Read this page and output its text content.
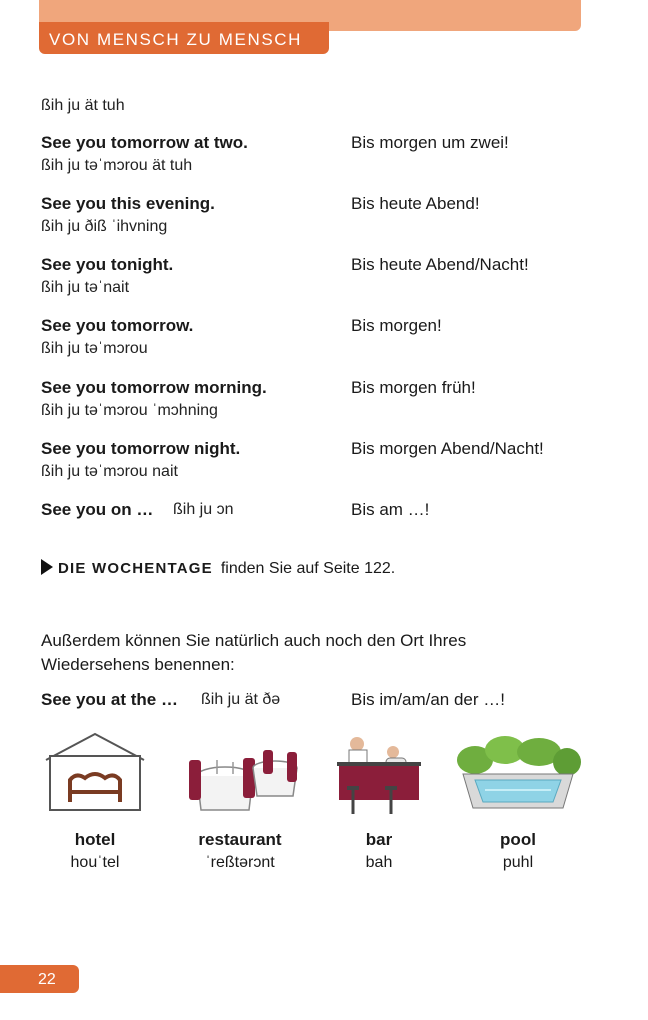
VON MENSCH ZU MENSCH
ßih ju ät tuh
See you tomorrow at two.	Bis morgen um zwei!
ßih ju təˈmɔrou ät tuh
See you this evening.	Bis heute Abend!
ßih ju ðiß ˈihvning
See you tonight.	Bis heute Abend/Nacht!
ßih ju təˈnait
See you tomorrow.	Bis morgen!
ßih ju təˈmɔrou
See you tomorrow morning.	Bis morgen früh!
ßih ju təˈmɔrou ˈmɔhning
See you tomorrow night.	Bis morgen Abend/Nacht!
ßih ju təˈmɔrou nait
See you on … ßih ju ɔn	Bis am …!
DIE WOCHENTAGE finden Sie auf Seite 122.
Außerdem können Sie natürlich auch noch den Ort Ihres Wiedersehens benennen:
See you at the … ßih ju ät ðə	Bis im/am/an der …!
hotel
houˈtel
restaurant
ˈreßtərɔnt
bar
bah
pool
puhl
22
